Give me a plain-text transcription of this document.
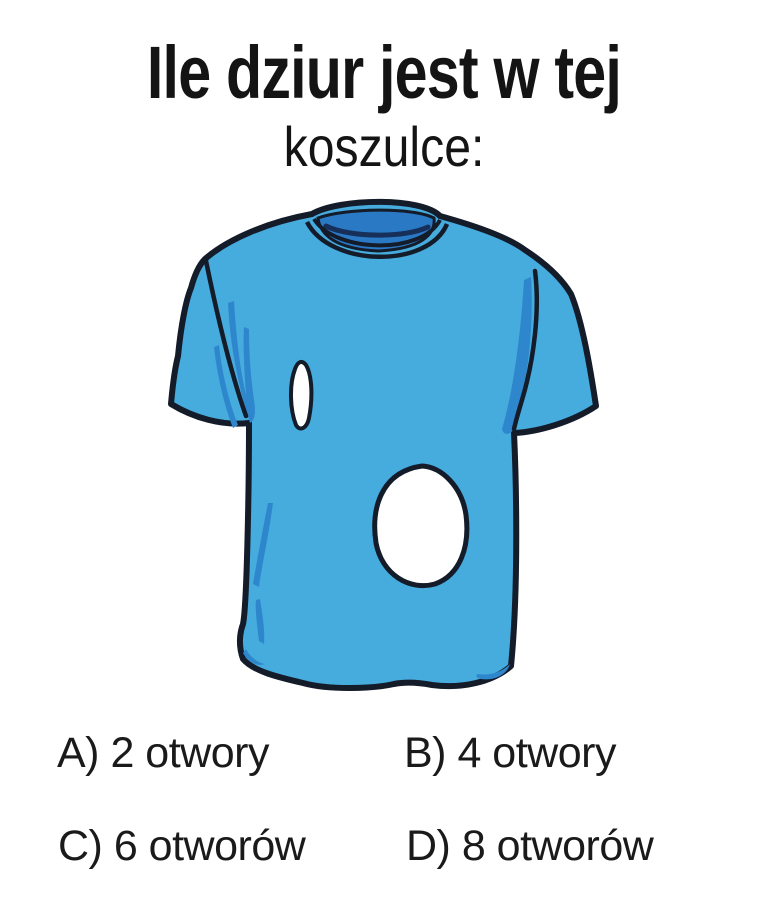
Ile dziur jest w tej
koszulce:
A) 2 otwory	B) 4 otwory
C) 6 otworów D) 8 otworów
